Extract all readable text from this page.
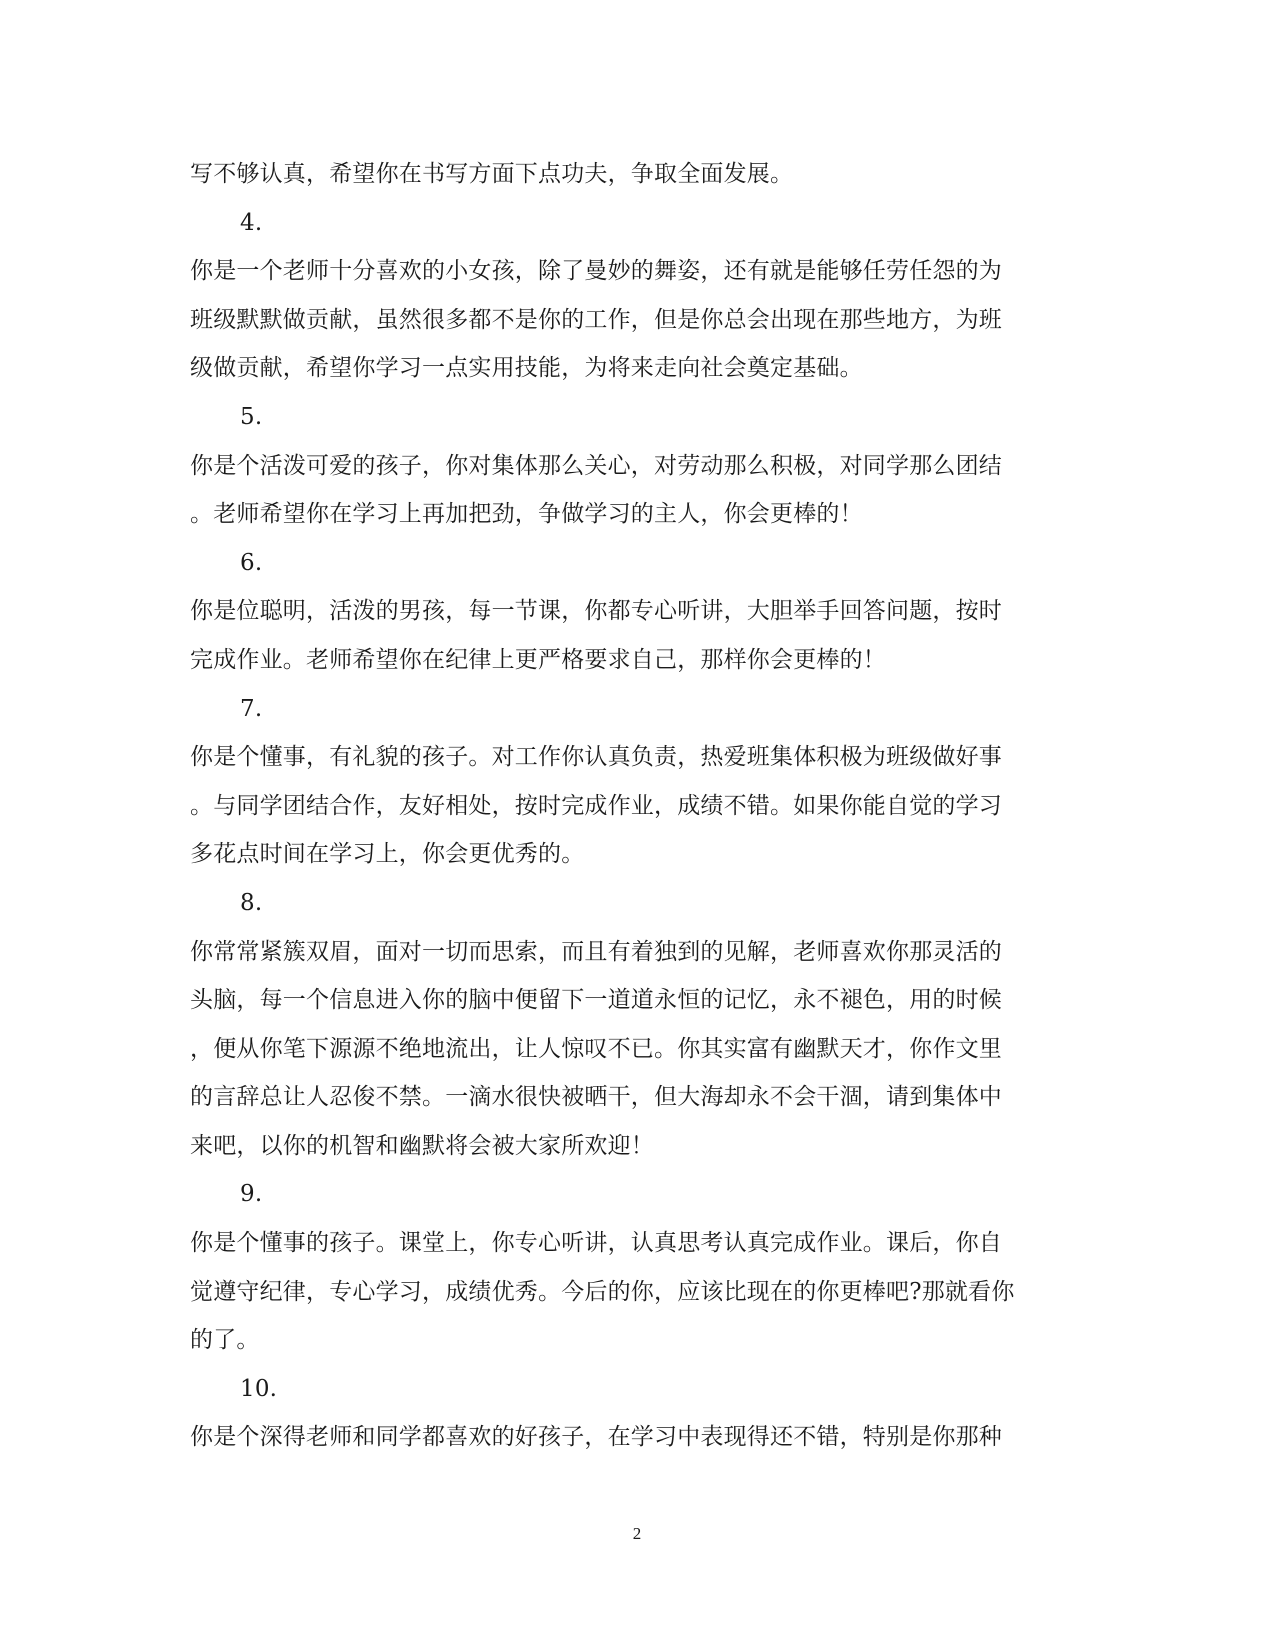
写不够认真，希望你在书写方面下点功夫，争取全面发展。
4.
你是一个老师十分喜欢的小女孩，除了曼妙的舞姿，还有就是能够任劳任怨的为
班级默默做贡献，虽然很多都不是你的工作，但是你总会出现在那些地方，为班
级做贡献，希望你学习一点实用技能，为将来走向社会奠定基础。
5.
你是个活泼可爱的孩子，你对集体那么关心，对劳动那么积极，对同学那么团结
。老师希望你在学习上再加把劲，争做学习的主人，你会更棒的！
6.
你是位聪明，活泼的男孩，每一节课，你都专心听讲，大胆举手回答问题，按时
完成作业。老师希望你在纪律上更严格要求自己，那样你会更棒的！
7.
你是个懂事，有礼貌的孩子。对工作你认真负责，热爱班集体积极为班级做好事
。与同学团结合作，友好相处，按时完成作业，成绩不错。如果你能自觉的学习
多花点时间在学习上，你会更优秀的。
8.
你常常紧簇双眉，面对一切而思索，而且有着独到的见解，老师喜欢你那灵活的
头脑，每一个信息进入你的脑中便留下一道道永恒的记忆，永不褪色，用的时候
，便从你笔下源源不绝地流出，让人惊叹不已。你其实富有幽默天才，你作文里
的言辞总让人忍俊不禁。一滴水很快被晒干，但大海却永不会干涸，请到集体中
来吧，以你的机智和幽默将会被大家所欢迎！
9.
你是个懂事的孩子。课堂上，你专心听讲，认真思考认真完成作业。课后，你自
觉遵守纪律，专心学习，成绩优秀。今后的你，应该比现在的你更棒吧?那就看你
的了。
10.
你是个深得老师和同学都喜欢的好孩子，在学习中表现得还不错，特别是你那种
2
